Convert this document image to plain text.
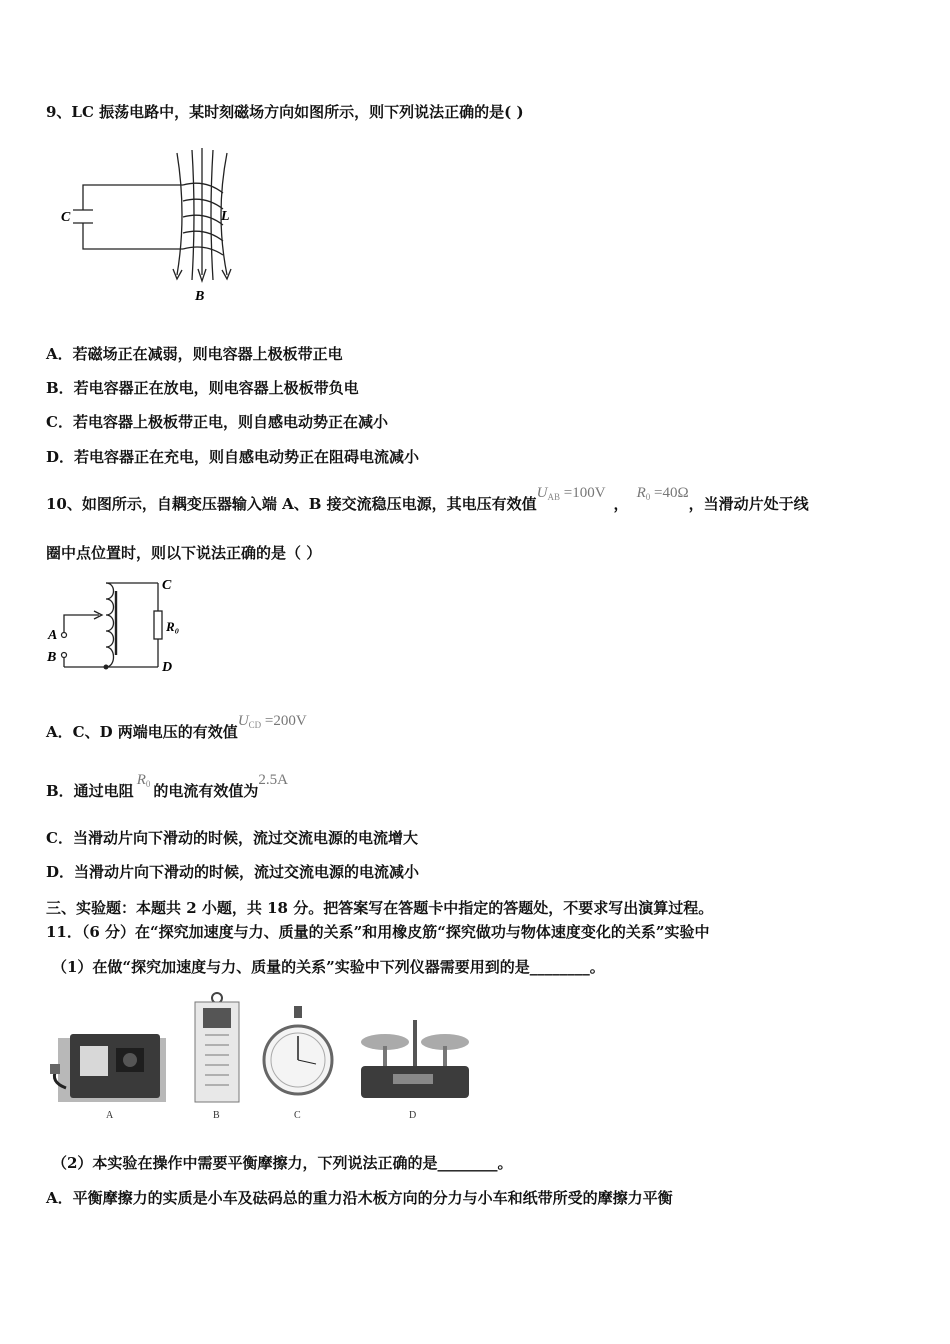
9、LC 振荡电路中，某时刻磁场方向如图所示，则下列说法正确的是( )
C	L
B
A．若磁场正在减弱，则电容器上极板带正电
B．若电容器正在放电，则电容器上极板带负电
C．若电容器上极板带正电，则自感电动势正在减小
D．若电容器正在充电，则自感电动势正在阻碍电流减小
10、如图所示，自耦变压器输入端 A、B 接交流稳压电源，其电压有效值$U_{AB} =100V$，$R_0 =40\Omega$，当滑动片处于线
圈中点位置时，则以下说法正确的是（ ）
A
B
C
D
R₀
A．C、D 两端电压的有效值$U_{CD} =200V$
B．通过电阻$R_0$ 的电流有效值为2.5A
C．当滑动片向下滑动的时候，流过交流电源的电流增大
D．当滑动片向下滑动的时候，流过交流电源的电流减小
三、实验题：本题共 2 小题，共 18 分。把答案写在答题卡中指定的答题处，不要求写出演算过程。
11．（6 分）在“探究加速度与力、质量的关系”和用橡皮筋“探究做功与物体速度变化的关系”实验中
（1）在做“探究加速度与力、质量的关系”实验中下列仪器需要用到的是________。
A	B	C	D
（2）本实验在操作中需要平衡摩擦力，下列说法正确的是________。
A．平衡摩擦力的实质是小车及砝码总的重力沿木板方向的分力与小车和纸带所受的摩擦力平衡
